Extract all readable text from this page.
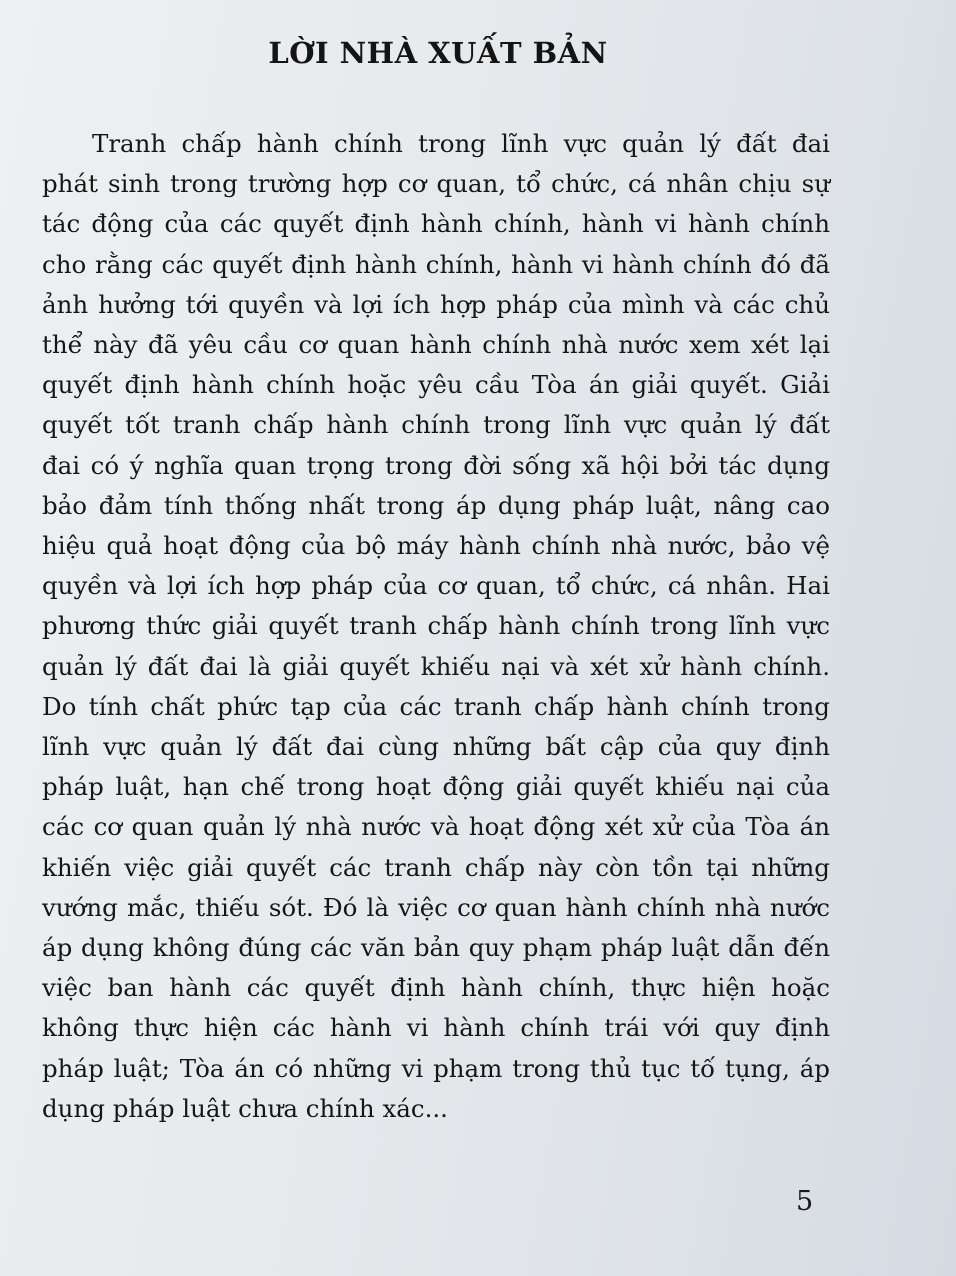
LỜI NHÀ XUẤT BẢN
Tranh chấp hành chính trong lĩnh vực quản lý đất đai
phát sinh trong trường hợp cơ quan, tổ chức, cá nhân chịu sự
tác động của các quyết định hành chính, hành vi hành chính
cho rằng các quyết định hành chính, hành vi hành chính đó đã
ảnh hưởng tới quyền và lợi ích hợp pháp của mình và các chủ
thể này đã yêu cầu cơ quan hành chính nhà nước xem xét lại
quyết định hành chính hoặc yêu cầu Tòa án giải quyết. Giải
quyết tốt tranh chấp hành chính trong lĩnh vực quản lý đất
đai có ý nghĩa quan trọng trong đời sống xã hội bởi tác dụng
bảo đảm tính thống nhất trong áp dụng pháp luật, nâng cao
hiệu quả hoạt động của bộ máy hành chính nhà nước, bảo vệ
quyền và lợi ích hợp pháp của cơ quan, tổ chức, cá nhân. Hai
phương thức giải quyết tranh chấp hành chính trong lĩnh vực
quản lý đất đai là giải quyết khiếu nại và xét xử hành chính.
Do tính chất phức tạp của các tranh chấp hành chính trong
lĩnh vực quản lý đất đai cùng những bất cập của quy định
pháp luật, hạn chế trong hoạt động giải quyết khiếu nại của
các cơ quan quản lý nhà nước và hoạt động xét xử của Tòa án
khiến việc giải quyết các tranh chấp này còn tồn tại những
vướng mắc, thiếu sót. Đó là việc cơ quan hành chính nhà nước
áp dụng không đúng các văn bản quy phạm pháp luật dẫn đến
việc ban hành các quyết định hành chính, thực hiện hoặc
không thực hiện các hành vi hành chính trái với quy định
pháp luật; Tòa án có những vi phạm trong thủ tục tố tụng, áp
dụng pháp luật chưa chính xác...
5
